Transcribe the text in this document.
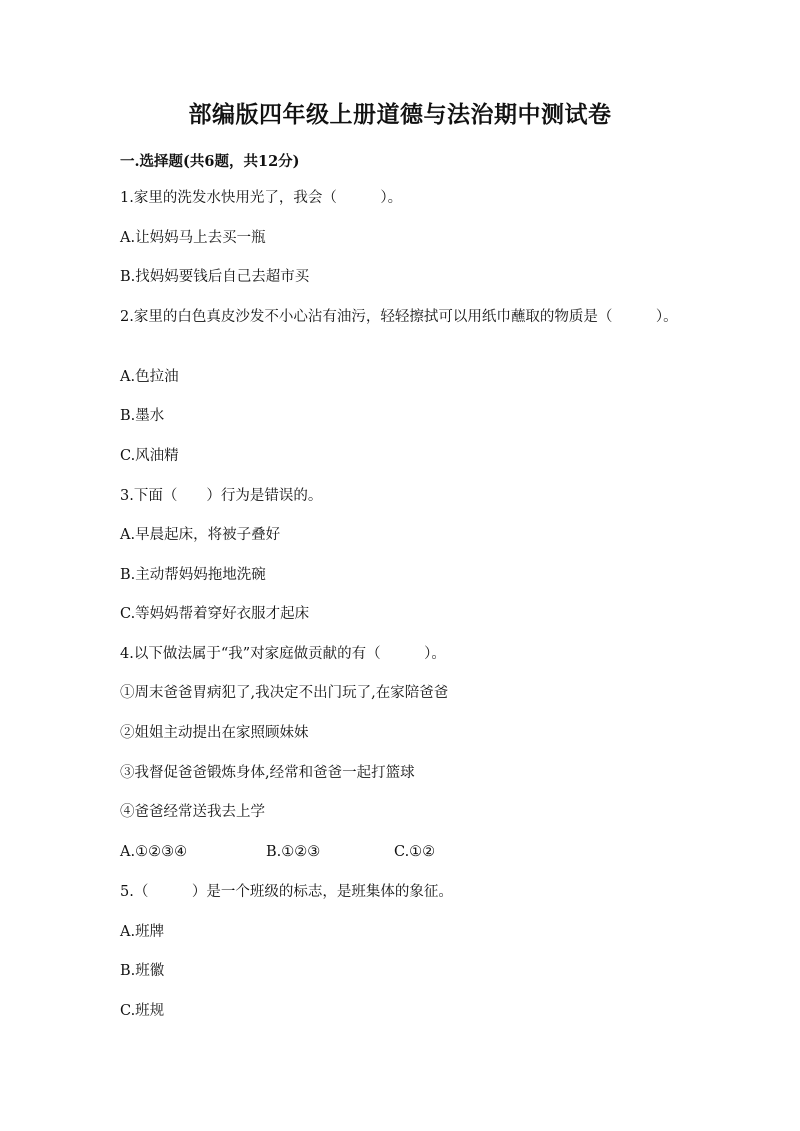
部编版四年级上册道德与法治期中测试卷
一.选择题(共6题，共12分)
1.家里的洗发水快用光了，我会（　　　）。
A.让妈妈马上去买一瓶
B.找妈妈要钱后自己去超市买
2.家里的白色真皮沙发不小心沾有油污，轻轻擦拭可以用纸巾蘸取的物质是（　　　）。
A.色拉油
B.墨水
C.风油精
3.下面（　　）行为是错误的。
A.早晨起床，将被子叠好
B.主动帮妈妈拖地洗碗
C.等妈妈帮着穿好衣服才起床
4.以下做法属于“我”对家庭做贡献的有（　　　）。
①周末爸爸胃病犯了,我决定不出门玩了,在家陪爸爸
②姐姐主动提出在家照顾妹妹
③我督促爸爸锻炼身体,经常和爸爸一起打篮球
④爸爸经常送我去上学
A.①②③④	B.①②③	C.①②
5.（　　　）是一个班级的标志，是班集体的象征。
A.班牌
B.班徽
C.班规
